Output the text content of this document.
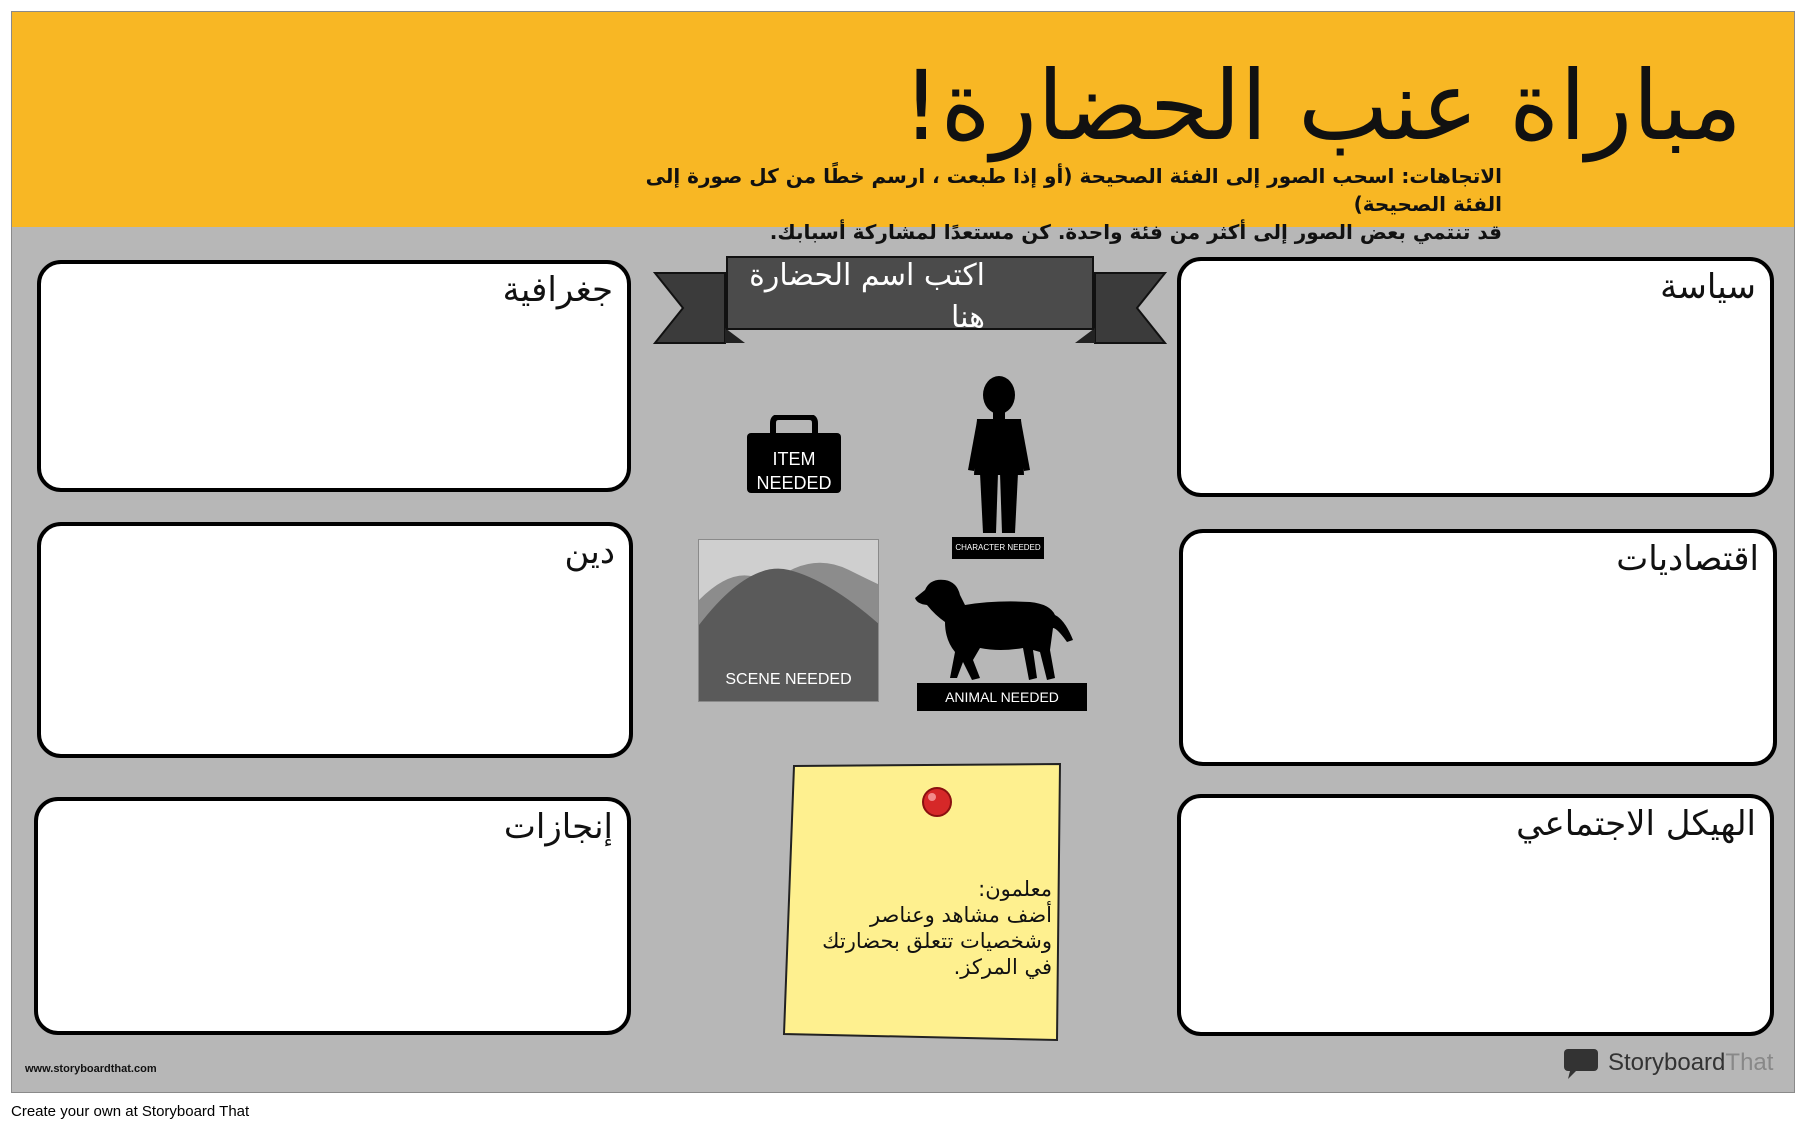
مباراة عنب الحضارة!
الاتجاهات: اسحب الصور إلى الفئة الصحيحة (أو إذا طبعت ، ارسم خطًا من كل صورة إلى الفئة الصحيحة)
قد تنتمي بعض الصور إلى أكثر من فئة واحدة. كن مستعدًا لمشاركة أسبابك.
جغرافية
دين
إنجازات
سياسة
اقتصاديات
الهيكل الاجتماعي
اكتب اسم الحضارة
هنا
ITEM
NEEDED
CHARACTER NEEDED
SCENE NEEDED
ANIMAL NEEDED
معلمون:
أضف مشاهد وعناصر
وشخصيات تتعلق بحضارتك
في المركز.
www.storyboardthat.com	StoryboardThat
Create your own at Storyboard That
